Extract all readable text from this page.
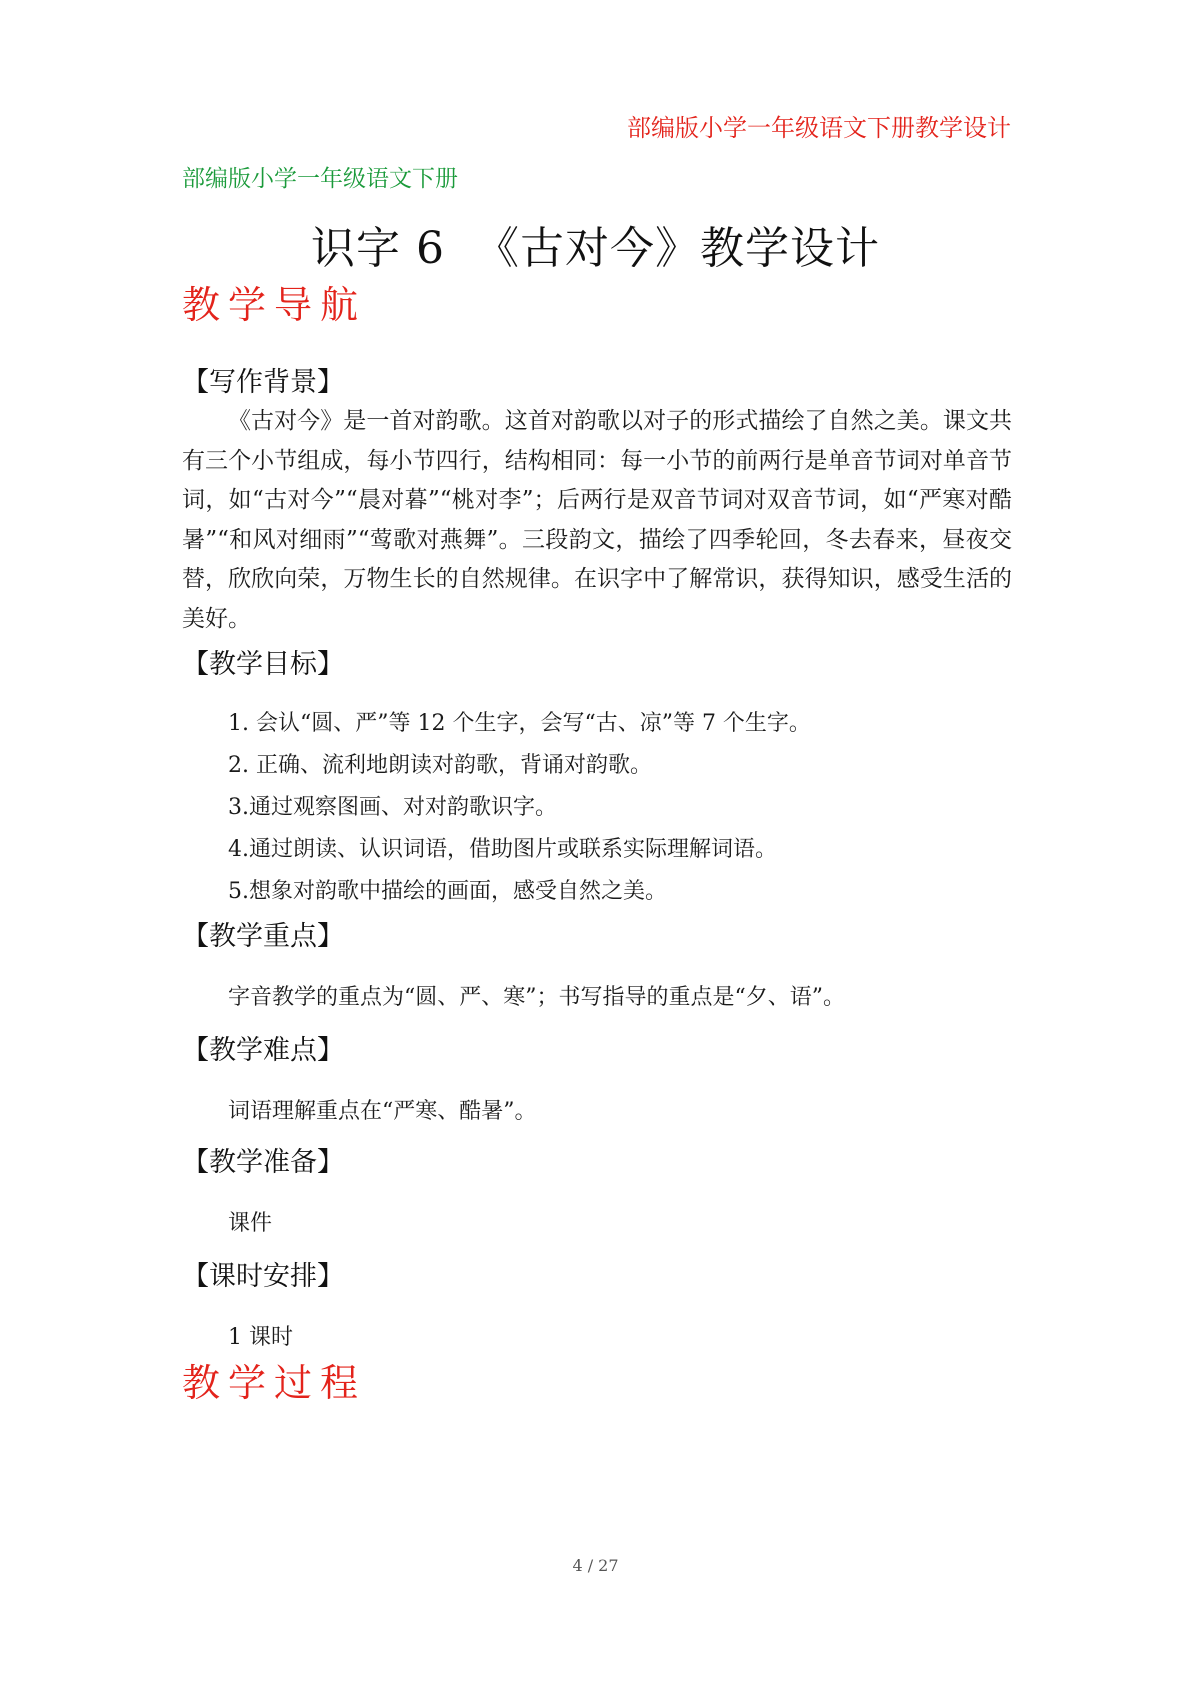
部编版小学一年级语文下册教学设计
部编版小学一年级语文下册
识字 6 《古对今》教学设计
教学导航
【写作背景】
《古对今》是一首对韵歌。这首对韵歌以对子的形式描绘了自然之美。课文共有三个小节组成，每小节四行，结构相同：每一小节的前两行是单音节词对单音节词，如“古对今”“晨对暮”“桃对李”；后两行是双音节词对双音节词，如“严寒对酷暑”“和风对细雨”“莺歌对燕舞”。三段韵文，描绘了四季轮回，冬去春来，昼夜交替，欣欣向荣，万物生长的自然规律。在识字中了解常识，获得知识，感受生活的美好。
【教学目标】
1. 会认“圆、严”等 12 个生字，会写“古、凉”等 7 个生字。
2. 正确、流利地朗读对韵歌，背诵对韵歌。
3.通过观察图画、对对韵歌识字。
4.通过朗读、认识词语，借助图片或联系实际理解词语。
5.想象对韵歌中描绘的画面，感受自然之美。
【教学重点】
字音教学的重点为“圆、严、寒”；书写指导的重点是“夕、语”。
【教学难点】
词语理解重点在“严寒、酷暑”。
【教学准备】
课件
【课时安排】
1 课时
教学过程
4 / 27
